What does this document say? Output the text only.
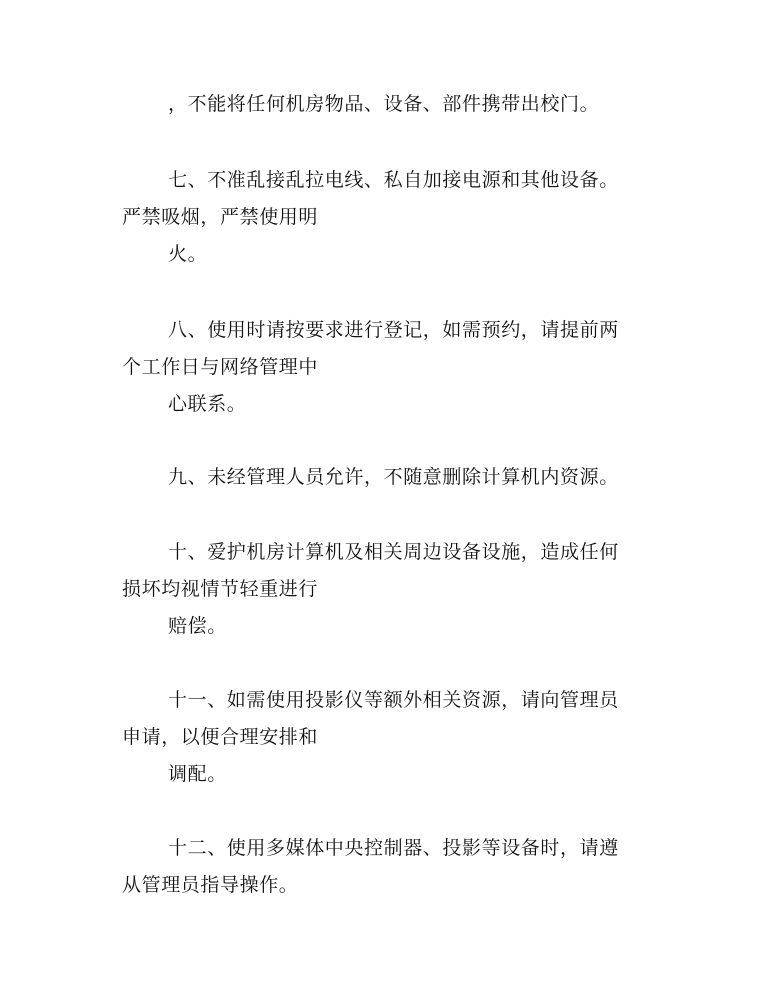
，不能将任何机房物品、设备、部件携带出校门。
七、不准乱接乱拉电线、私自加接电源和其他设备。
严禁吸烟，严禁使用明
火。
八、使用时请按要求进行登记，如需预约，请提前两
个工作日与网络管理中
心联系。
九、未经管理人员允许，不随意删除计算机内资源。
十、爱护机房计算机及相关周边设备设施，造成任何
损坏均视情节轻重进行
赔偿。
十一、如需使用投影仪等额外相关资源，请向管理员
申请，以便合理安排和
调配。
十二、使用多媒体中央控制器、投影等设备时，请遵
从管理员指导操作。
